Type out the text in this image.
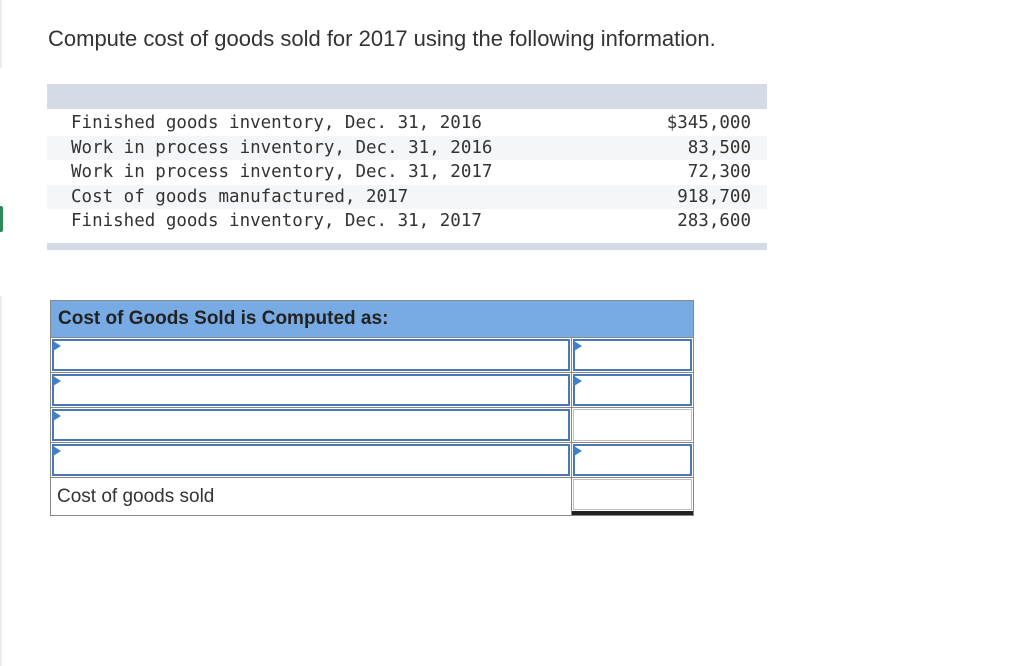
Compute cost of goods sold for 2017 using the following information.

Finished goods inventory, Dec. 31, 2016	$345,000
Work in process inventory, Dec. 31, 2016	83,500
Work in process inventory, Dec. 31, 2017	72,300
Cost of goods manufactured, 2017	918,700
Finished goods inventory, Dec. 31, 2017	283,600

Cost of Goods Sold is Computed as:	

Cost of goods sold	
